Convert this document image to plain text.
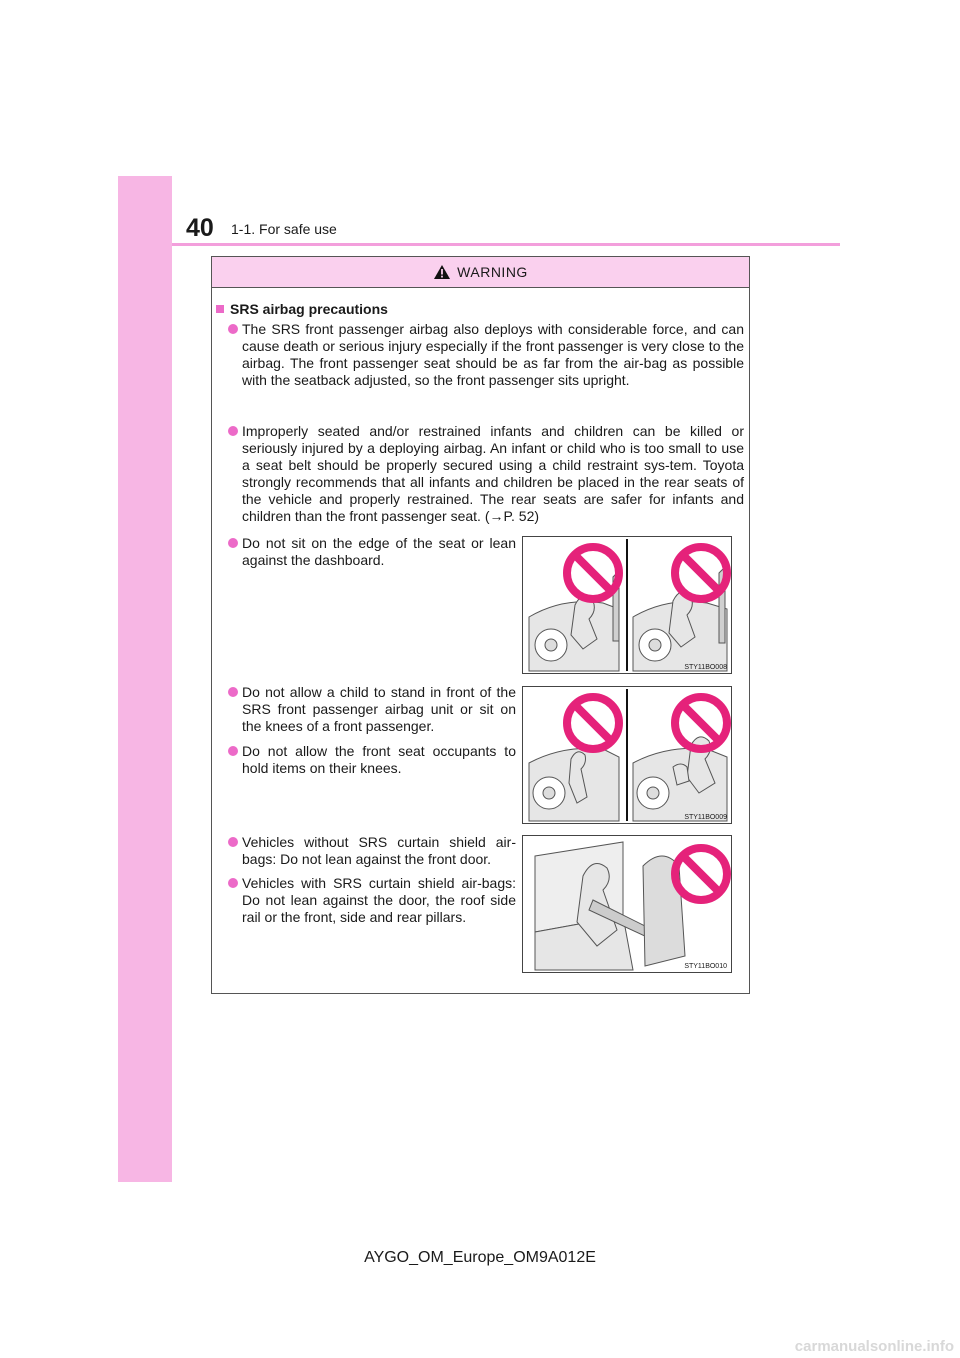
40 1-1. For safe use
WARNING
SRS airbag precautions
The SRS front passenger airbag also deploys with considerable force, and can cause death or serious injury especially if the front passenger is very close to the airbag. The front passenger seat should be as far from the air-bag as possible with the seatback adjusted, so the front passenger sits upright.
Improperly seated and/or restrained infants and children can be killed or seriously injured by a deploying airbag. An infant or child who is too small to use a seat belt should be properly secured using a child restraint sys-tem. Toyota strongly recommends that all infants and children be placed in the rear seats of the vehicle and properly restrained. The rear seats are safer for infants and children than the front passenger seat. (→P. 52)
Do not sit on the edge of the seat or lean against the dashboard.
Do not allow a child to stand in front of the SRS front passenger airbag unit or sit on the knees of a front passenger.
Do not allow the front seat occupants to hold items on their knees.
Vehicles without SRS curtain shield air-bags: Do not lean against the front door.
Vehicles with SRS curtain shield air-bags: Do not lean against the door, the roof side rail or the front, side and rear pillars.
STY11BO008
STY11BO009
STY11BO010
AYGO_OM_Europe_OM9A012E
carmanualsonline.info
